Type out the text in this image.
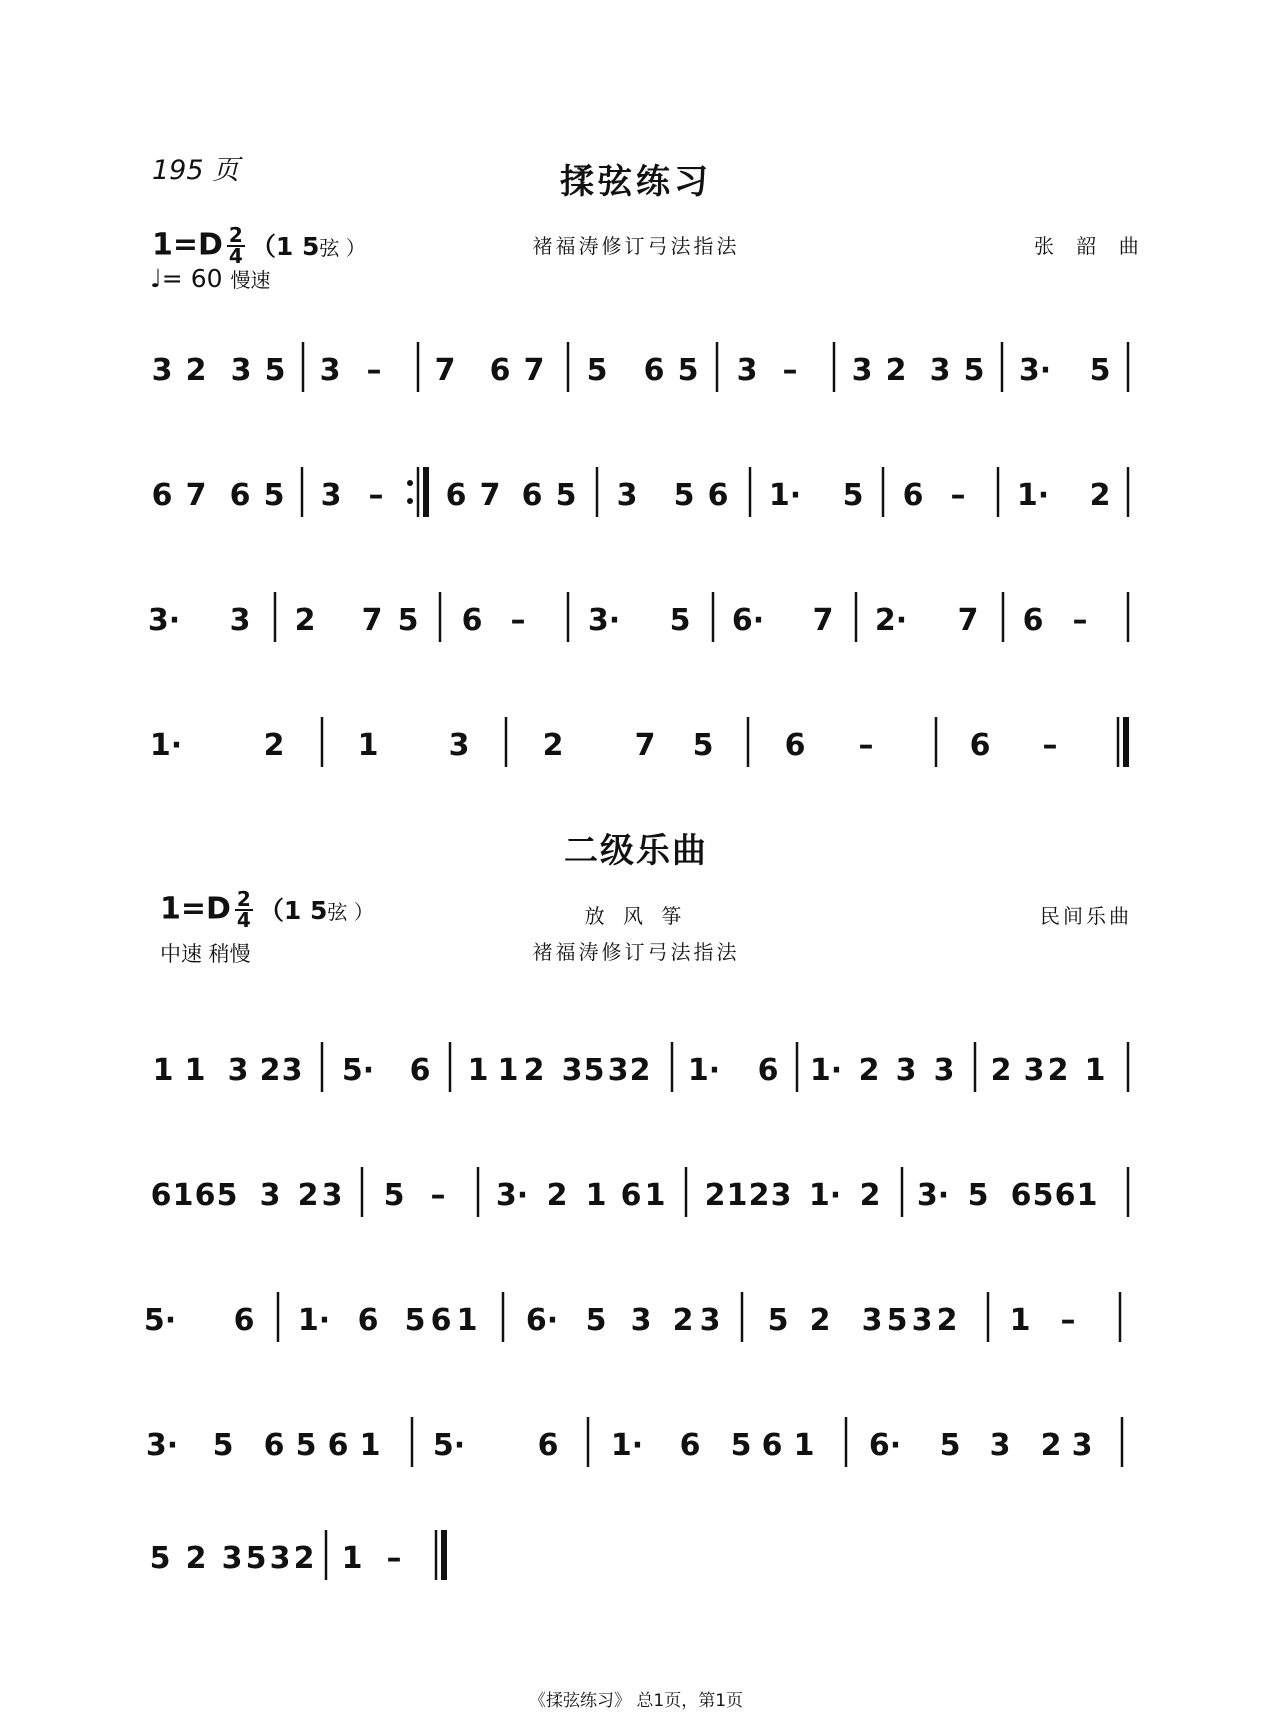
195 页	揉弦练习
$1=D \frac{2}{4} (1$ 5弦 ）
♩= 60 慢速
褚福涛修订弓法指法	张 韶 曲
3 2 3 5 3 – 7 6 7 5 6 5 3 – 3 2 3 5 3· 5
6 7 6 5 3 – 6 7 6 5 3 5 6 1· 5 6 – 1· 2
3· 3 2 7 5 6 – 3· 5 6· 7 2· 7 6 –
1·	2 1 3 2 7 5 6 –	6 –
二级乐曲
$1=D \frac{2}{4} (1$ 5弦 ）
中速 稍慢
放 风 筝
褚福涛修订弓法指法
民间乐曲
1 1 3 2 3 5· 6 1 1 2 3 5 3 2 1· 6 1· 2 3 3 2 3 2 1
6 1 6 5 3 2 3 5 – 3· 2 1 6 1 2 1 2 3 1· 2 3· 5 6 5 6 1
5· 6 1· 6 5 6 1 6· 5 3 2 3 5 2 3 5 3 2 1 –
3· 5 6 5 6 1 5· 6 1· 6 5 6 1 6· 5 3 2 3
5 2 3 5 3 2 1 –
《揉弦练习》 总1页，第1页
